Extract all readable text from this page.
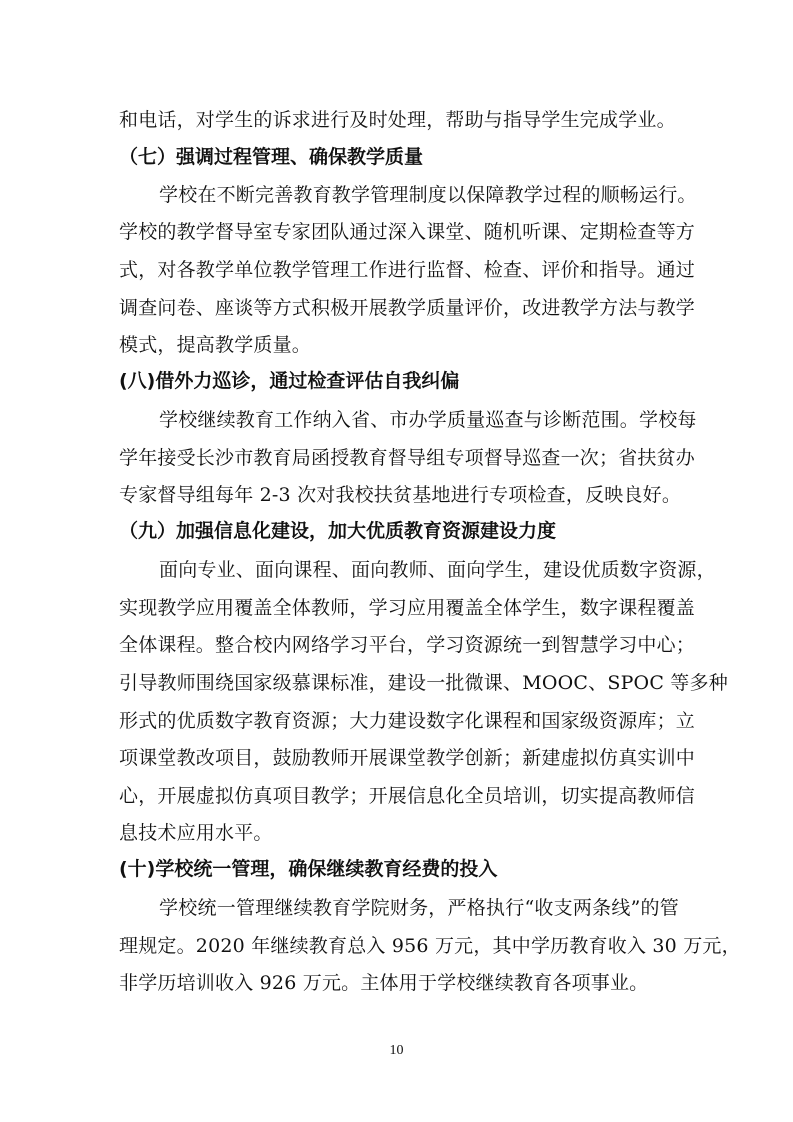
和电话，对学生的诉求进行及时处理，帮助与指导学生完成学业。
（七）强调过程管理、确保教学质量
学校在不断完善教育教学管理制度以保障教学过程的顺畅运行。
学校的教学督导室专家团队通过深入课堂、随机听课、定期检查等方
式，对各教学单位教学管理工作进行监督、检查、评价和指导。通过
调查问卷、座谈等方式积极开展教学质量评价，改进教学方法与教学
模式，提高教学质量。
(八)借外力巡诊，通过检查评估自我纠偏
学校继续教育工作纳入省、市办学质量巡查与诊断范围。学校每
学年接受长沙市教育局函授教育督导组专项督导巡查一次；省扶贫办
专家督导组每年 2-3 次对我校扶贫基地进行专项检查，反映良好。
（九）加强信息化建设，加大优质教育资源建设力度
面向专业、面向课程、面向教师、面向学生，建设优质数字资源，
实现教学应用覆盖全体教师，学习应用覆盖全体学生，数字课程覆盖
全体课程。整合校内网络学习平台，学习资源统一到智慧学习中心；
引导教师围绕国家级慕课标准，建设一批微课、MOOC、SPOC 等多种
形式的优质数字教育资源；大力建设数字化课程和国家级资源库；立
项课堂教改项目，鼓励教师开展课堂教学创新；新建虚拟仿真实训中
心，开展虚拟仿真项目教学；开展信息化全员培训，切实提高教师信
息技术应用水平。
(十)学校统一管理，确保继续教育经费的投入
学校统一管理继续教育学院财务，严格执行“收支两条线”的管
理规定。2020 年继续教育总入 956 万元，其中学历教育收入 30 万元，
非学历培训收入 926 万元。主体用于学校继续教育各项事业。
10
